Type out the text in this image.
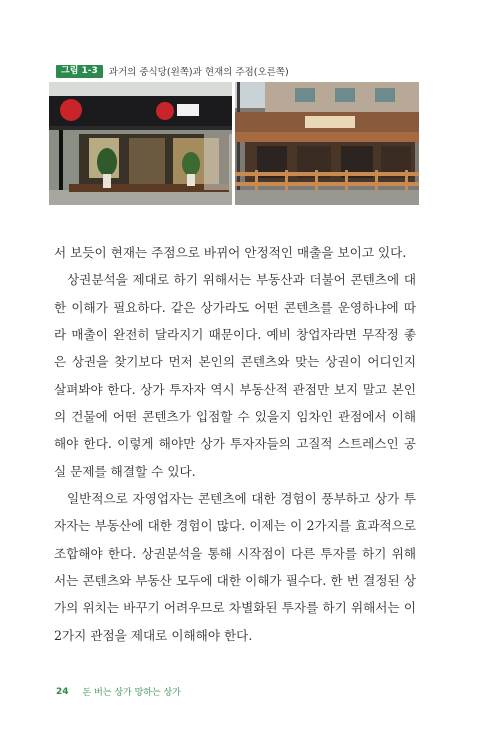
그림 1-3	과거의 중식당(왼쪽)과 현재의 주점(오른쪽)

서 보듯이 현재는 주점으로 바뀌어 안정적인 매출을 보이고 있다.

상권분석을 제대로 하기 위해서는 부동산과 더불어 콘텐츠에 대한 이해가 필요하다. 같은 상가라도 어떤 콘텐츠를 운영하냐에 따라 매출이 완전히 달라지기 때문이다. 예비 창업자라면 무작정 좋은 상권을 찾기보다 먼저 본인의 콘텐츠와 맞는 상권이 어디인지 살펴봐야 한다. 상가 투자자 역시 부동산적 관점만 보지 말고 본인의 건물에 어떤 콘텐츠가 입점할 수 있을지 임차인 관점에서 이해해야 한다. 이렇게 해야만 상가 투자자들의 고질적 스트레스인 공실 문제를 해결할 수 있다.

일반적으로 자영업자는 콘텐츠에 대한 경험이 풍부하고 상가 투자자는 부동산에 대한 경험이 많다. 이제는 이 2가지를 효과적으로 조합해야 한다. 상권분석을 통해 시작점이 다른 투자를 하기 위해서는 콘텐츠와 부동산 모두에 대한 이해가 필수다. 한 번 결정된 상가의 위치는 바꾸기 어려우므로 차별화된 투자를 하기 위해서는 이 2가지 관점을 제대로 이해해야 한다.

24 돈 버는 상가 망하는 상가
